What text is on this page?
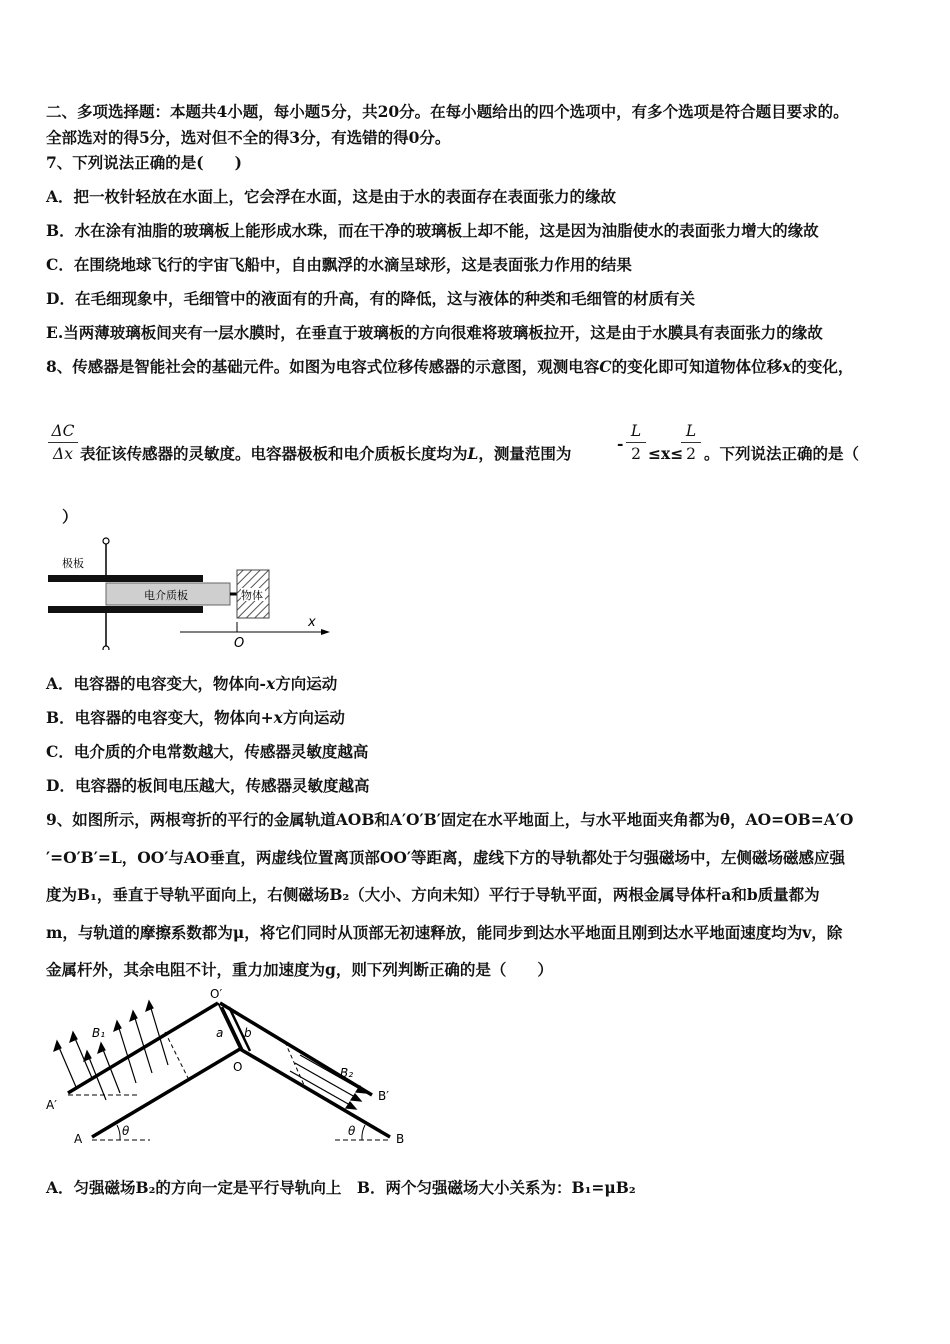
二、多项选择题：本题共4小题，每小题5分，共20分。在每小题给出的四个选项中，有多个选项是符合题目要求的。
全部选对的得5分，选对但不全的得3分，有选错的得0分。
7、下列说法正确的是(　　)
A．把一枚针轻放在水面上，它会浮在水面，这是由于水的表面存在表面张力的缘故
B．水在涂有油脂的玻璃板上能形成水珠，而在干净的玻璃板上却不能，这是因为油脂使水的表面张力增大的缘故
C．在围绕地球飞行的宇宙飞船中，自由飘浮的水滴呈球形，这是表面张力作用的结果
D．在毛细现象中，毛细管中的液面有的升高，有的降低，这与液体的种类和毛细管的材质有关
E.当两薄玻璃板间夹有一层水膜时，在垂直于玻璃板的方向很难将玻璃板拉开，这是由于水膜具有表面张力的缘故
8、传感器是智能社会的基础元件。如图为电容式位移传感器的示意图，观测电容C的变化即可知道物体位移x的变化，
ΔC
Δx 表征该传感器的灵敏度。电容器极板和电介质板长度均为L，测量范围为
-
L
2 ≤x≤
L
2 。下列说法正确的是（
）
极板
电介质板	物体
x
O
A．电容器的电容变大，物体向-x方向运动
B．电容器的电容变大，物体向+x方向运动
C．电介质的介电常数越大，传感器灵敏度越高
D．电容器的板间电压越大，传感器灵敏度越高
9、如图所示，两根弯折的平行的金属轨道AOB和A′O′B′固定在水平地面上，与水平地面夹角都为θ，AO=OB=A′O
′=O′B′=L，OO′与AO垂直，两虚线位置离顶部OO′等距离，虚线下方的导轨都处于匀强磁场中，左侧磁场磁感应强
度为B₁，垂直于导轨平面向上，右侧磁场B₂（大小、方向未知）平行于导轨平面，两根金属导体杆a和b质量都为
m，与轨道的摩擦系数都为μ，将它们同时从顶部无初速释放，能同步到达水平地面且刚到达水平地面速度均为v，除
金属杆外，其余电阻不计，重力加速度为g，则下列判断正确的是（　　）
B₁
B₂
O′
O
a b
A′
A
B′
B
θ	θ
A．匀强磁场B₂的方向一定是平行导轨向上　B．两个匀强磁场大小关系为：B₁=μB₂
